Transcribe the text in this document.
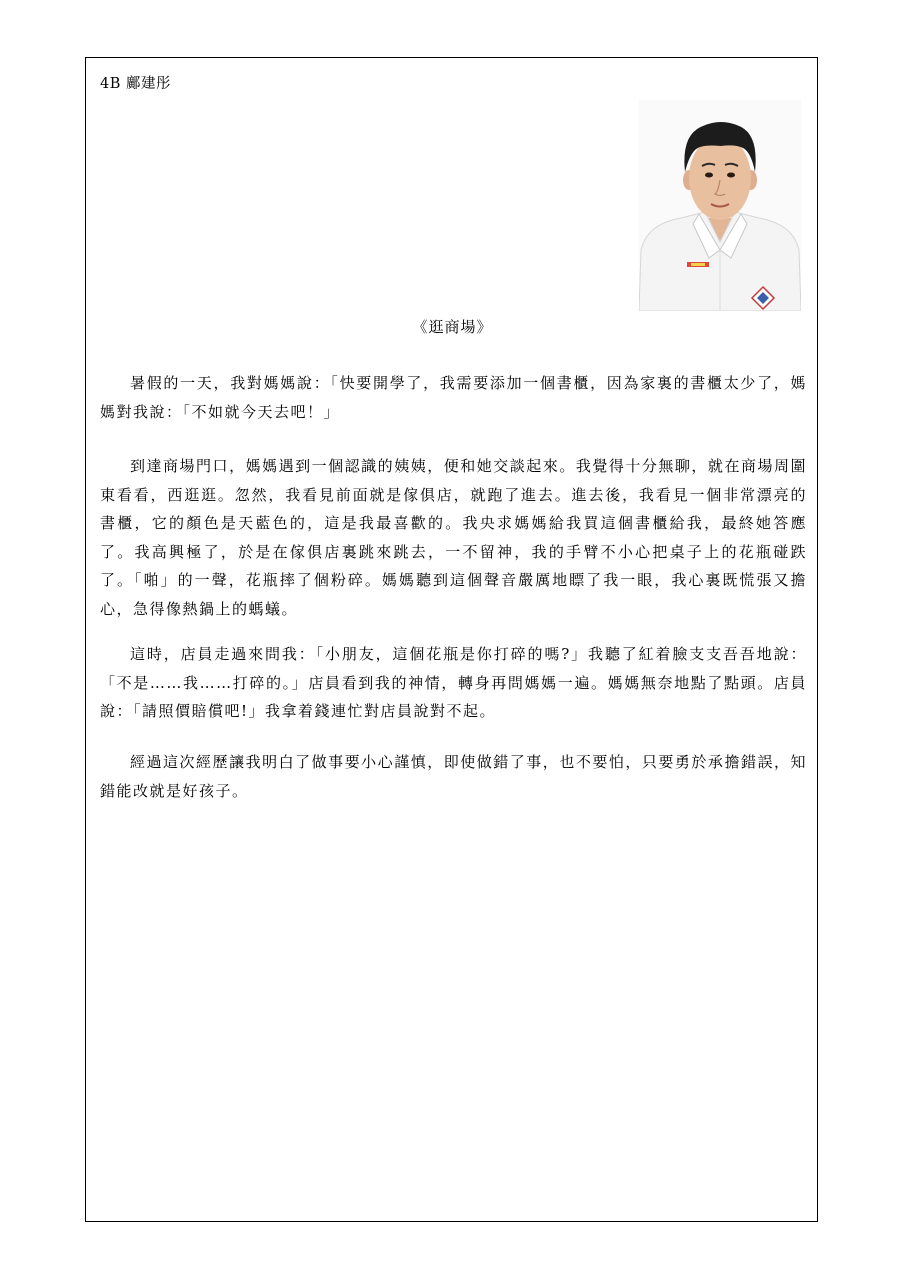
4B 鄺建彤
《逛商場》

暑假的一天，我對媽媽說：「快要開學了，我需要添加一個書櫃，因為家裏的書櫃太少了，媽媽對我說：「不如就今天去吧！」

到達商場門口，媽媽遇到一個認識的姨姨，便和她交談起來。我覺得十分無聊，就在商場周圍東看看，西逛逛。忽然，我看見前面就是傢俱店，就跑了進去。進去後，我看見一個非常漂亮的書櫃，它的顏色是天藍色的，這是我最喜歡的。我央求媽媽給我買這個書櫃給我，最終她答應了。我高興極了，於是在傢俱店裏跳來跳去，一不留神，我的手臂不小心把桌子上的花瓶碰跌了。「啪」的一聲，花瓶摔了個粉碎。媽媽聽到這個聲音嚴厲地瞟了我一眼，我心裏既慌張又擔心，急得像熱鍋上的螞蟻。

這時，店員走過來問我：「小朋友，這個花瓶是你打碎的嗎?」我聽了紅着臉支支吾吾地說：「不是……我……打碎的。」店員看到我的神情，轉身再問媽媽一遍。媽媽無奈地點了點頭。店員說：「請照價賠償吧!」我拿着錢連忙對店員說對不起。

經過這次經歷讓我明白了做事要小心謹慎，即使做錯了事，也不要怕，只要勇於承擔錯誤，知錯能改就是好孩子。
